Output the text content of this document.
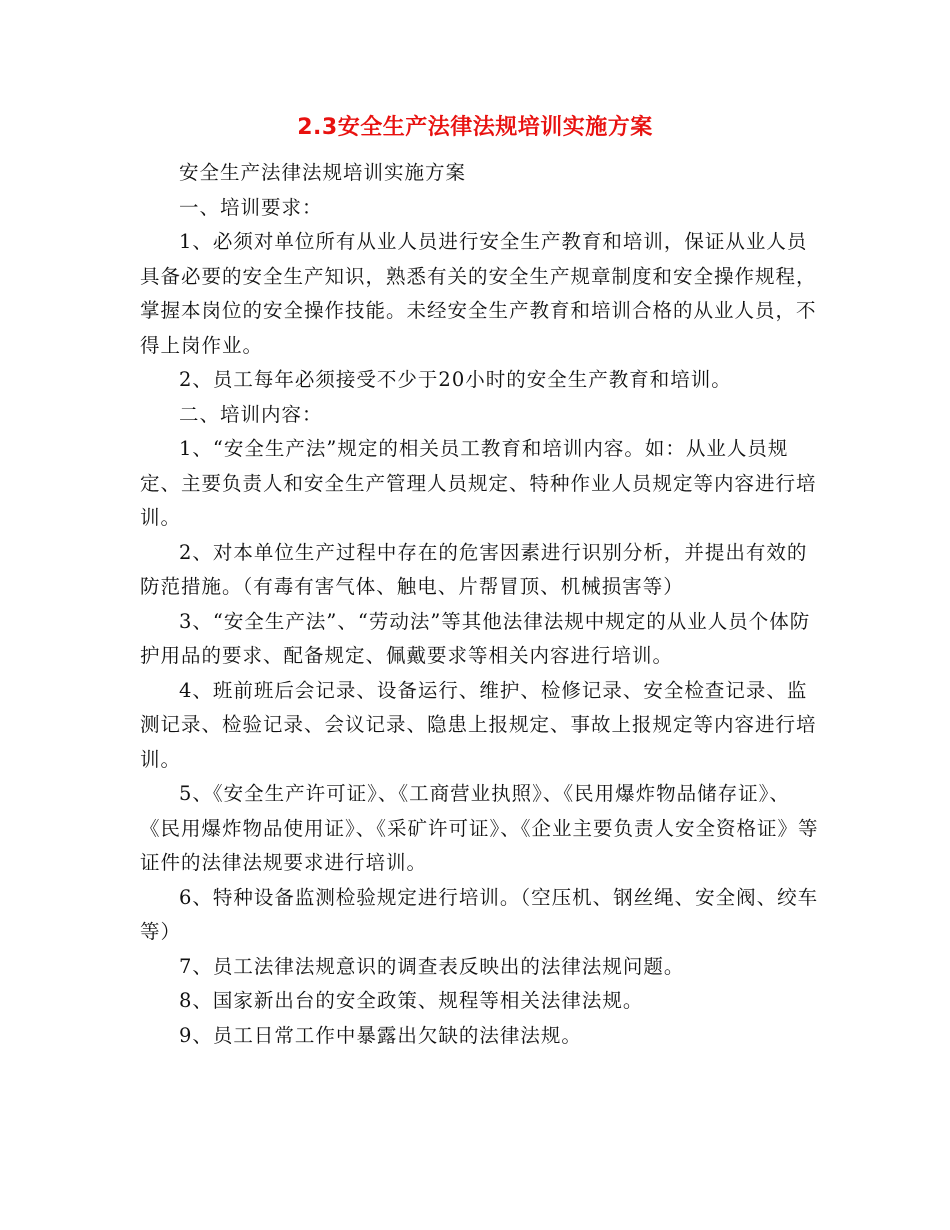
2.3安全生产法律法规培训实施方案

安全生产法律法规培训实施方案

一、培训要求：

1、必须对单位所有从业人员进行安全生产教育和培训，保证从业人员具备必要的安全生产知识，熟悉有关的安全生产规章制度和安全操作规程，掌握本岗位的安全操作技能。未经安全生产教育和培训合格的从业人员，不得上岗作业。

2、员工每年必须接受不少于20小时的安全生产教育和培训。

二、培训内容：

1、“安全生产法”规定的相关员工教育和培训内容。如：从业人员规定、主要负责人和安全生产管理人员规定、特种作业人员规定等内容进行培训。

2、对本单位生产过程中存在的危害因素进行识别分析，并提出有效的防范措施。（有毒有害气体、触电、片帮冒顶、机械损害等）

3、“安全生产法”、“劳动法”等其他法律法规中规定的从业人员个体防护用品的要求、配备规定、佩戴要求等相关内容进行培训。

4、班前班后会记录、设备运行、维护、检修记录、安全检查记录、监测记录、检验记录、会议记录、隐患上报规定、事故上报规定等内容进行培训。

5、《安全生产许可证》、《工商营业执照》、《民用爆炸物品储存证》、《民用爆炸物品使用证》、《采矿许可证》、《企业主要负责人安全资格证》等证件的法律法规要求进行培训。

6、特种设备监测检验规定进行培训。（空压机、钢丝绳、安全阀、绞车等）

7、员工法律法规意识的调查表反映出的法律法规问题。

8、国家新出台的安全政策、规程等相关法律法规。

9、员工日常工作中暴露出欠缺的法律法规。
